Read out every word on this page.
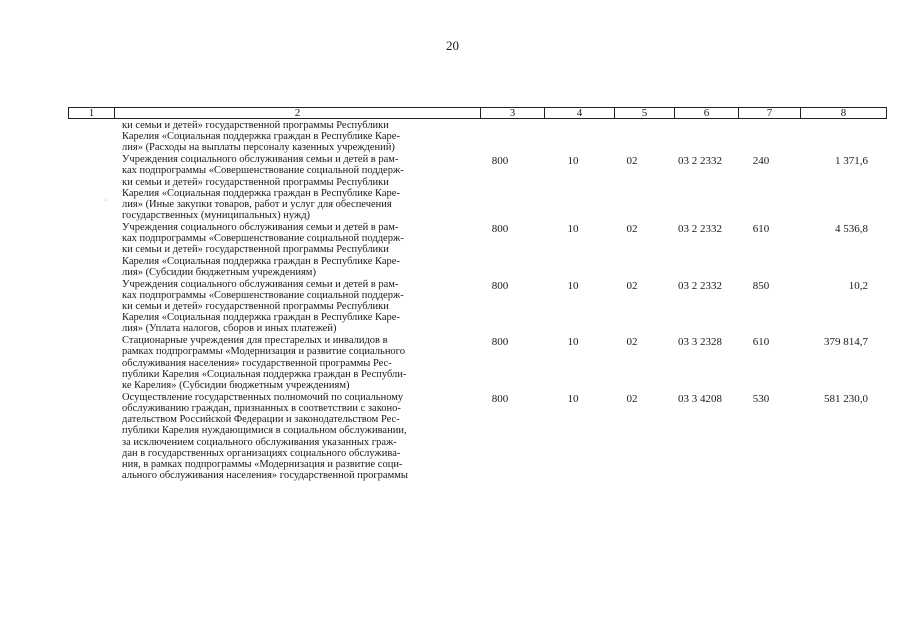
20
1	2	3	4	5	6	7	8

ки семьи и детей» государственной программы Республики
Карелия «Социальная поддержка граждан в Республике Каре-
лия» (Расходы на выплаты персоналу казенных учреждений)

Учреждения социального обслуживания семьи и детей в рам-
ках подпрограммы «Совершенствование социальной поддерж-
ки семьи и детей» государственной программы Республики
Карелия «Социальная поддержка граждан в Республике Каре-
лия» (Иные закупки товаров, работ и услуг для обеспечения
государственных (муниципальных) нужд)

800	10	02	03 2 2332	240	1 371,6

Учреждения социального обслуживания семьи и детей в рам-
ках подпрограммы «Совершенствование социальной поддерж-
ки семьи и детей» государственной программы Республики
Карелия «Социальная поддержка граждан в Республике Каре-
лия» (Субсидии бюджетным учреждениям)

800	10	02	03 2 2332	610	4 536,8

Учреждения социального обслуживания семьи и детей в рам-
ках подпрограммы «Совершенствование социальной поддерж-
ки семьи и детей» государственной программы Республики
Карелия «Социальная поддержка граждан в Республике Каре-
лия» (Уплата налогов, сборов и иных платежей)

800	10	02	03 2 2332	850	10,2

Стационарные учреждения для престарелых и инвалидов в
рамках подпрограммы «Модернизация и развитие социального
обслуживания населения» государственной программы Рес-
публики Карелия «Социальная поддержка граждан в Республи-
ке Карелия» (Субсидии бюджетным учреждениям)

800	10	02	03 3 2328	610	379 814,7

Осуществление государственных полномочий по социальному
обслуживанию граждан, признанных в соответствии с законо-
дательством Российской Федерации и законодательством Рес-
публики Карелия нуждающимися в социальном обслуживании,
за исключением социального обслуживания указанных граж-
дан в государственных организациях социального обслужива-
ния, в рамках подпрограммы «Модернизация и развитие соци-
ального обслуживания населения» государственной программы

800	10	02	03 3 4208	530	581 230,0
·
